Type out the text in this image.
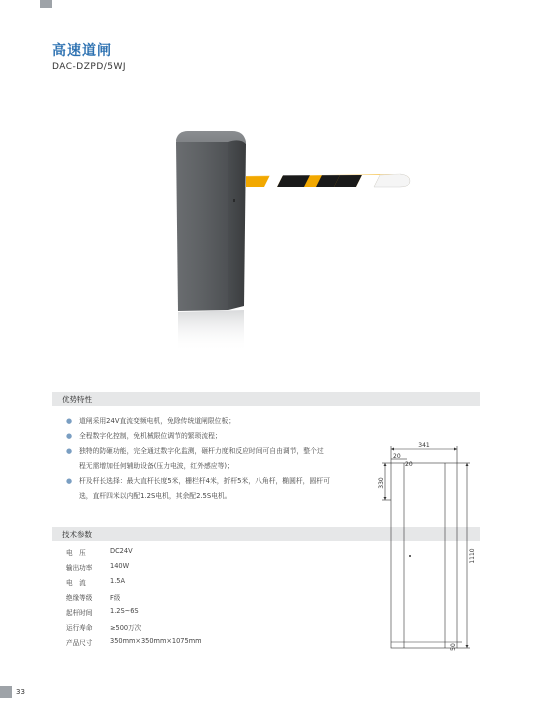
高速道闸
DAC-DZPD/5WJ
优势特性
● 道闸采用24V直流变频电机，免除传统道闸限位板；
● 全程数字化控制，免机械限位调节的繁琐流程；
● 独特的防砸功能，完全通过数字化监测，砸杆力度和反应时间可自由调节，整个过程无需增加任何辅助设备(压力电波，红外感应等)；
● 杆及杆长选择：最大直杆长度5米，栅栏杆4米，折杆5米，八角杆，椭圆杆，圆杆可选，直杆四米以内配1.2S电机，其余配2.5S电机。
技术参数
电　压	DC24V
输出功率	140W
电　流	1.5A
绝缘等级	F级
起杆时间	1.2S~6S
运行寿命	≥500万次
产品尺寸	350mm×350mm×1075mm
341
20
20
330
1110
50
33
